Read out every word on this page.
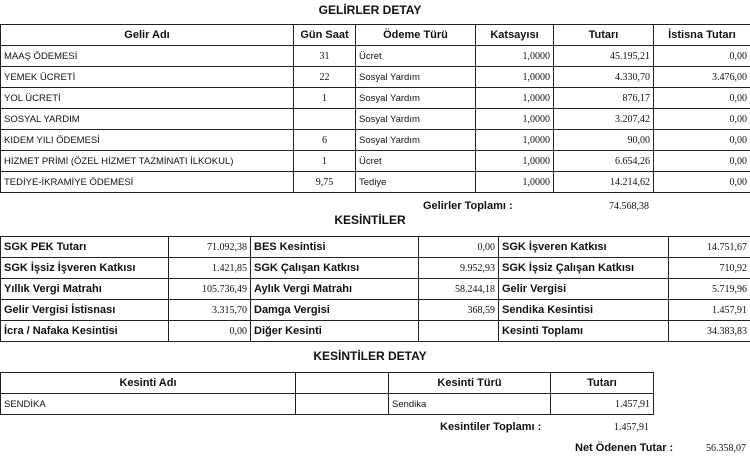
GELİRLER DETAY
Gelir Adı	Gün Saat	Ödeme Türü	Katsayısı	Tutarı	İstisna Tutarı
MAAŞ ÖDEMESİ	31	Ücret	1,0000	45.195,21	0,00
YEMEK ÜCRETİ	22	Sosyal Yardım	1,0000	4.330,70	3.476,00
YOL ÜCRETİ	1	Sosyal Yardım	1,0000	876,17	0,00
SOSYAL YARDIM		Sosyal Yardım	1,0000	3.207,42	0,00
KIDEM YILI ÖDEMESİ	6	Sosyal Yardım	1,0000	90,00	0,00
HİZMET PRİMİ (ÖZEL HİZMET TAZMİNATI İLKOKUL)	1	Ücret	1,0000	6.654,26	0,00
TEDİYE-İKRAMİYE ÖDEMESİ	9,75	Tediye	1,0000	14.214,62	0,00
Gelirler Toplamı :	74.568,38
KESİNTİLER
SGK PEK Tutarı	71.092,38	BES Kesintisi	0,00	SGK İşveren Katkısı	14.751,67
SGK İşsiz İşveren Katkısı	1.421,85	SGK Çalışan Katkısı	9.952,93	SGK İşsiz Çalışan Katkısı	710,92
Yıllık Vergi Matrahı	105.736,49	Aylık Vergi Matrahı	58.244,18	Gelir Vergisi	5.719,96
Gelir Vergisi İstisnası	3.315,70	Damga Vergisi	368,59	Sendika Kesintisi	1.457,91
İcra / Nafaka Kesintisi	0,00	Diğer Kesinti		Kesinti Toplamı	34.383,83
KESİNTİLER DETAY
Kesinti Adı		Kesinti Türü	Tutarı	
SENDİKA		Sendika	1.457,91	
Kesintiler Toplamı :	1.457,91
Net Ödenen Tutar :	56.358,07
